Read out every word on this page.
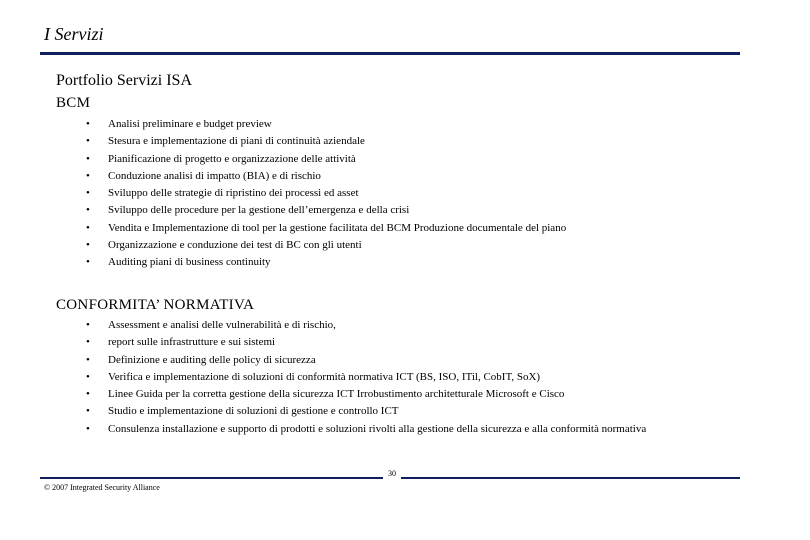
I Servizi
Portfolio Servizi ISA
BCM
• Analisi preliminare e budget preview
• Stesura e implementazione di piani di continuità aziendale
• Pianificazione di progetto e organizzazione delle attività
• Conduzione analisi di impatto (BIA) e di rischio
• Sviluppo delle strategie di ripristino dei processi ed asset
• Sviluppo delle procedure per la gestione dell’emergenza e della crisi
• Vendita e Implementazione di tool per la gestione facilitata del BCM Produzione documentale del piano
• Organizzazione e conduzione dei test di BC con gli utenti
• Auditing piani di business continuity
CONFORMITA’ NORMATIVA
• Assessment e analisi delle vulnerabilità e di rischio,
• report sulle infrastrutture e sui sistemi
• Definizione e auditing delle policy di sicurezza
• Verifica e implementazione di soluzioni di conformità normativa ICT (BS, ISO, ITil, CobIT, SoX)
• Linee Guida per la corretta gestione della sicurezza ICT Irrobustimento architetturale Microsoft e Cisco
• Studio e implementazione di soluzioni di gestione e controllo ICT
• Consulenza installazione e supporto di prodotti e soluzioni rivolti alla gestione della sicurezza e alla conformità normativa
30
© 2007 Integrated Security Alliance
